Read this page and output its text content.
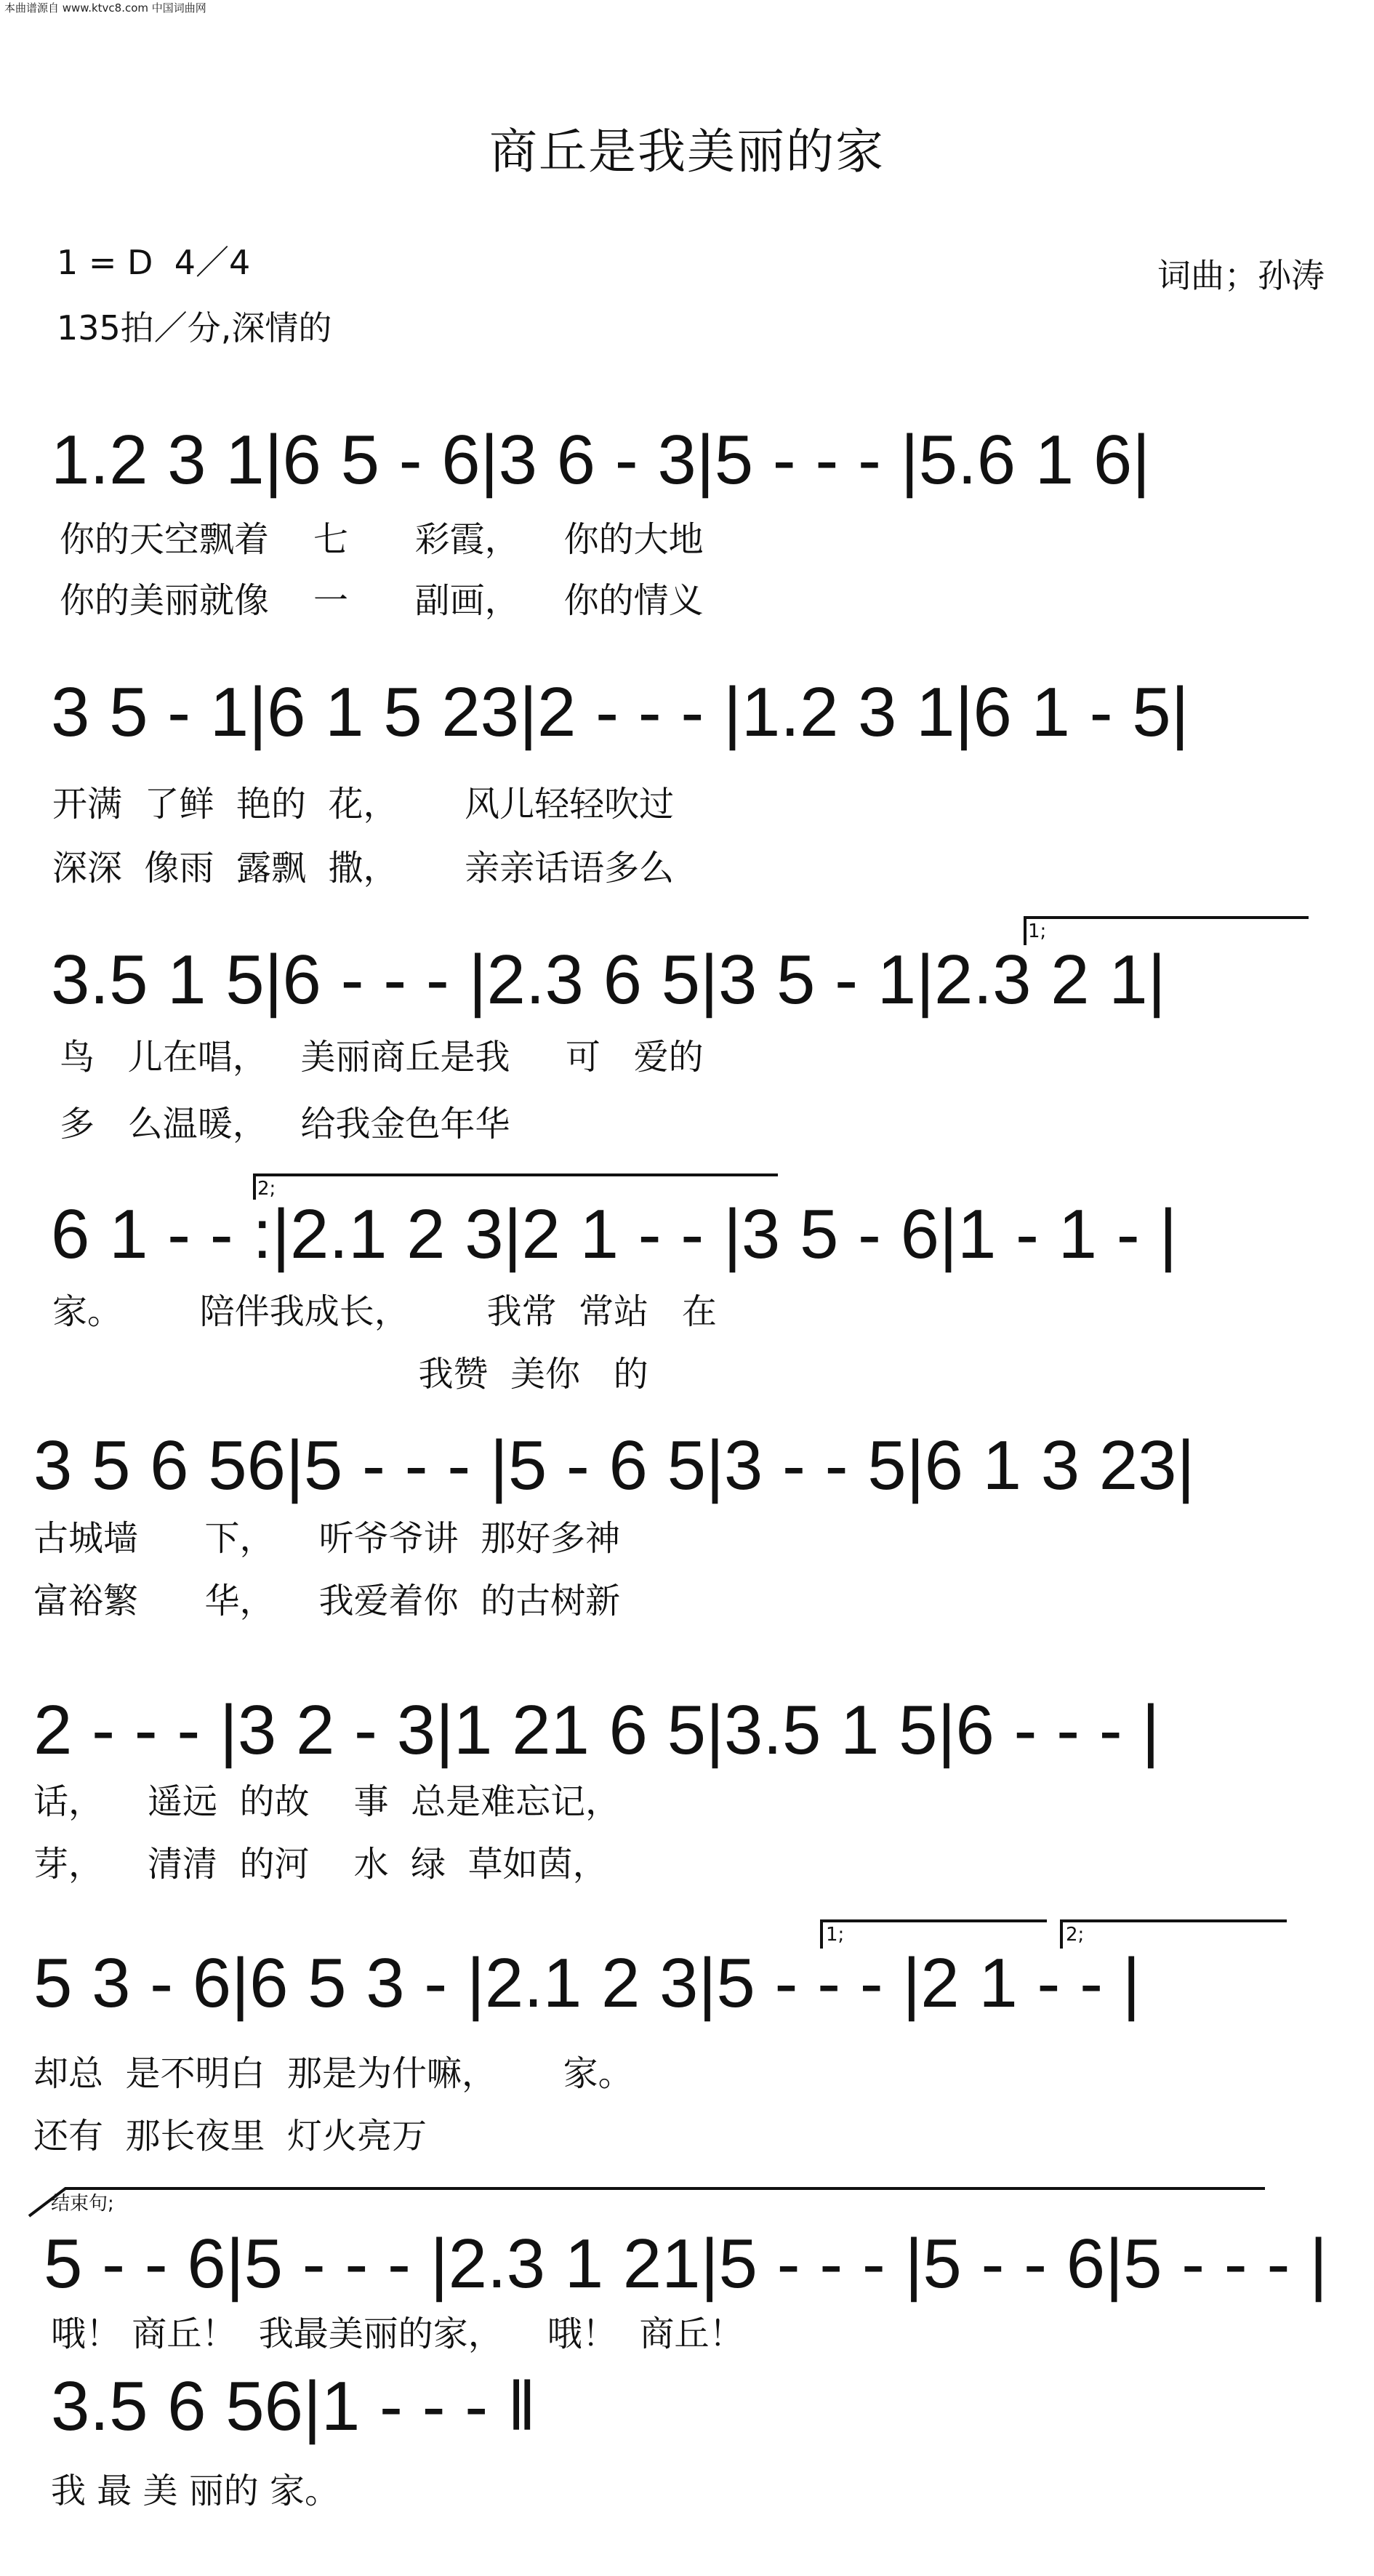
本曲谱源自 www.ktvc8.com 中国词曲网
商丘是我美丽的家
1 = D  4／4
135拍／分,深情的
词曲；孙涛
1.2 3 1|6 5 - 6|3 6 - 3|5 - - - |5.6 1 6|
你的天空飘着    七      彩霞，    你的大地
你的美丽就像    一      副画，    你的情义
3 5 - 1|6 1 5 23|2 - - - |1.2 3 1|6 1 - 5|
开满  了鲜  艳的  花，      风儿轻轻吹过
深深  像雨  露飘  撒，      亲亲话语多么
1;
3.5 1 5|6 - - - |2.3 6 5|3 5 - 1|2.3 2 1|
鸟   儿在唱，   美丽商丘是我     可   爱的
多   么温暖，   给我金色年华
2;
6 1 - - :|2.1 2 3|2 1 - - |3 5 - 6|1 - 1 - |
家。       陪伴我成长，       我常  常站   在
我赞  美你   的
3 5 6 56|5 - - - |5 - 6 5|3 - - 5|6 1 3 23|
古城墙      下，    听爷爷讲  那好多神
富裕繁      华，    我爱着你  的古树新
2 - - - |3 2 - 3|1 21 6 5|3.5 1 5|6 - - - |
话，    遥远  的故    事  总是难忘记，
芽，    清清  的河    水  绿  草如茵，
1;	2;
5 3 - 6|6 5 3 - |2.1 2 3|5 - - - |2 1 - - |
却总  是不明白  那是为什嘛，      家。
还有  那长夜里  灯火亮万
结束句;
5 - - 6|5 - - - |2.3 1 21|5 - - - |5 - - 6|5 - - - |
哦！ 商丘！  我最美丽的家，    哦！  商丘！
3.5 6 56|1 - - - ‖
我 最 美 丽的 家。
